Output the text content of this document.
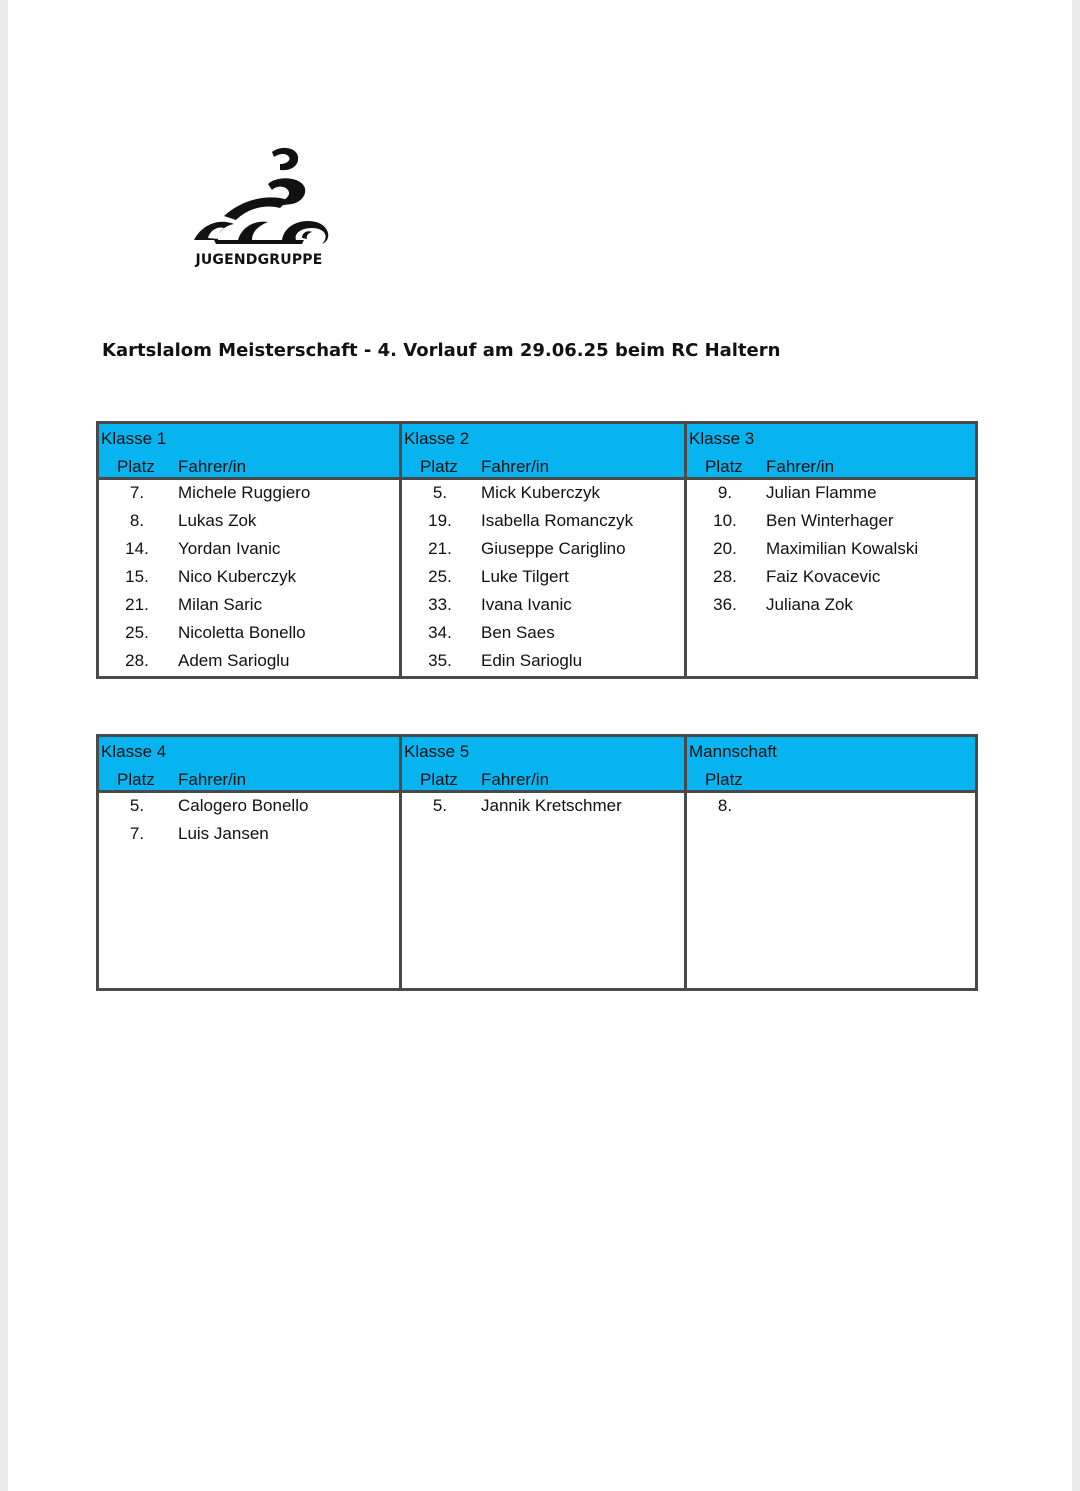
JUGENDGRUPPE
Kartslalom Meisterschaft - 4. Vorlauf am 29.06.25 beim RC Haltern
Klasse 1
Platz Fahrer/in
7.	Michele Ruggiero
8.	Lukas Zok
14.	Yordan Ivanic
15.	Nico Kuberczyk
21.	Milan Saric
25.	Nicoletta Bonello
28.	Adem Sarioglu
Klasse 2
Platz Fahrer/in
5.	Mick Kuberczyk
19.	Isabella Romanczyk
21.	Giuseppe Cariglino
25.	Luke Tilgert
33.	Ivana Ivanic
34.	Ben Saes
35.	Edin Sarioglu
Klasse 3
Platz Fahrer/in
9.	Julian Flamme
10.	Ben Winterhager
20.	Maximilian Kowalski
28.	Faiz Kovacevic
36.	Juliana Zok
Klasse 4
Platz Fahrer/in
5.	Calogero Bonello
7.	Luis Jansen
Klasse 5
Platz Fahrer/in
5.	Jannik Kretschmer
Mannschaft
Platz
8.
